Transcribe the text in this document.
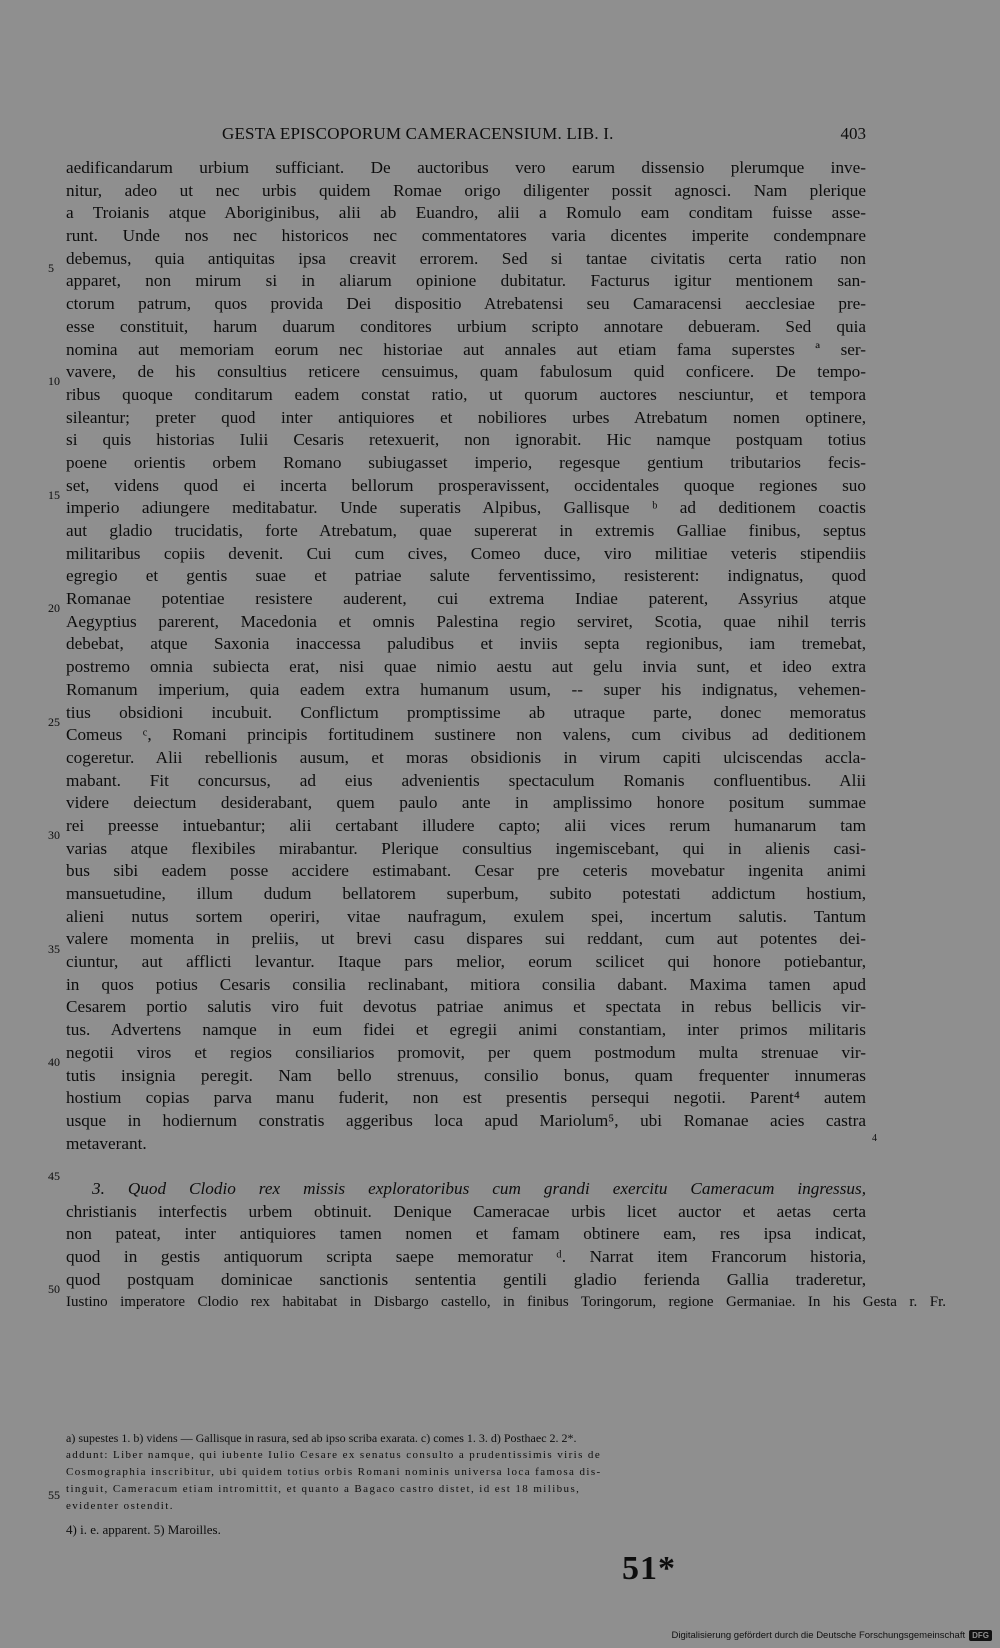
GESTA EPISCOPORUM CAMERACENSIUM. LIB. I.	403
aedificandarum urbium sufficiant. De auctoribus vero earum dissensio plerumque inve-
nitur, adeo ut nec urbis quidem Romae origo diligenter possit agnosci. Nam plerique
a Troianis atque Aboriginibus, alii ab Euandro, alii a Romulo eam conditam fuisse asse-
runt. Unde nos nec historicos nec commentatores varia dicentes imperite condempnare
debemus, quia antiquitas ipsa creavit errorem. Sed si tantae civitatis certa ratio non
apparet, non mirum si in aliarum opinione dubitatur. Facturus igitur mentionem san-
ctorum patrum, quos provida Dei dispositio Atrebatensi seu Camaracensi aecclesiae pre-
esse constituit, harum duarum conditores urbium scripto annotare debueram. Sed quia
nomina aut memoriam eorum nec historiae aut annales aut etiam fama superstes ª ser-
vavere, de his consultius reticere censuimus, quam fabulosum quid conficere. De tempo-
ribus quoque conditarum eadem constat ratio, ut quorum auctores nesciuntur, et tempora
sileantur; preter quod inter antiquiores et nobiliores urbes Atrebatum nomen optinere,
si quis historias Iulii Cesaris retexuerit, non ignorabit. Hic namque postquam totius
poene orientis orbem Romano subiugasset imperio, regesque gentium tributarios fecis-
set, videns quod ei incerta bellorum prosperavissent, occidentales quoque regiones suo
imperio adiungere meditabatur. Unde superatis Alpibus, Gallisque ᵇ ad deditionem coactis
aut gladio trucidatis, forte Atrebatum, quae supererat in extremis Galliae finibus, septus
militaribus copiis devenit. Cui cum cives, Comeo duce, viro militiae veteris stipendiis
egregio et gentis suae et patriae salute ferventissimo, resisterent: indignatus, quod
Romanae potentiae resistere auderent, cui extrema Indiae paterent, Assyrius atque
Aegyptius parerent, Macedonia et omnis Palestina regio serviret, Scotia, quae nihil terris
debebat, atque Saxonia inaccessa paludibus et inviis septa regionibus, iam tremebat,
postremo omnia subiecta erat, nisi quae nimio aestu aut gelu invia sunt, et ideo extra
Romanum imperium, quia eadem extra humanum usum, -- super his indignatus, vehemen-
tius obsidioni incubuit. Conflictum promptissime ab utraque parte, donec memoratus
Comeus ᶜ, Romani principis fortitudinem sustinere non valens, cum civibus ad deditionem
cogeretur. Alii rebellionis ausum, et moras obsidionis in virum capiti ulciscendas accla-
mabant. Fit concursus, ad eius advenientis spectaculum Romanis confluentibus. Alii
videre deiectum desiderabant, quem paulo ante in amplissimo honore positum summae
rei preesse intuebantur; alii certabant illudere capto; alii vices rerum humanarum tam
varias atque flexibiles mirabantur. Plerique consultius ingemiscebant, qui in alienis casi-
bus sibi eadem posse accidere estimabant. Cesar pre ceteris movebatur ingenita animi
mansuetudine, illum dudum bellatorem superbum, subito potestati addictum hostium,
alieni nutus sortem operiri, vitae naufragum, exulem spei, incertum salutis. Tantum
valere momenta in preliis, ut brevi casu dispares sui reddant, cum aut potentes dei-
ciuntur, aut afflicti levantur. Itaque pars melior, eorum scilicet qui honore potiebantur,
in quos potius Cesaris consilia reclinabant, mitiora consilia dabant. Maxima tamen apud
Cesarem portio salutis viro fuit devotus patriae animus et spectata in rebus bellicis vir-
tus. Advertens namque in eum fidei et egregii animi constantiam, inter primos militaris
negotii viros et regios consiliarios promovit, per quem postmodum multa strenuae vir-
tutis insignia peregit. Nam bello strenuus, consilio bonus, quam frequenter innumeras
hostium copias parva manu fuderit, non est presentis persequi negotii. Parent⁴ autem
usque in hodiernum constratis aggeribus loca apud Mariolum⁵, ubi Romanae acies castra
metaverant.
3. Quod Clodio rex missis exploratoribus cum grandi exercitu Cameracum ingressus,
christianis interfectis urbem obtinuit. Denique Cameracae urbis licet auctor et aetas certa
non pateat, inter antiquiores tamen nomen et famam obtinere eam, res ipsa indicat,
quod in gestis antiquorum scripta saepe memoratur ᵈ. Narrat item Francorum historia,
quod postquam dominicae sanctionis sententia gentili gladio ferienda Gallia traderetur,
Iustino imperatore Clodio rex habitabat in Disbargo castello, in finibus Toringorum, regione Germaniae. In his Gesta r. Fr.
5
10
15
20
25
30
35
40
45
50
55
4
a) supestes 1. b) videns — Gallisque in rasura, sed ab ipso scriba exarata. c) comes 1. 3. d) Posthaec 2. 2*.
addunt: Liber namque, qui iubente Iulio Cesare ex senatus consulto a prudentissimis viris de
Cosmographia inscribitur, ubi quidem totius orbis Romani nominis universa loca famosa dis-
tinguit, Cameracum etiam intromittit, et quanto a Bagaco castro distet, id est 18 milibus,
evidenter ostendit.
4) i. e. apparent. 5) Maroilles.
51*
Digitalisierung gefördert durch die Deutsche Forschungsgemeinschaft DFG
